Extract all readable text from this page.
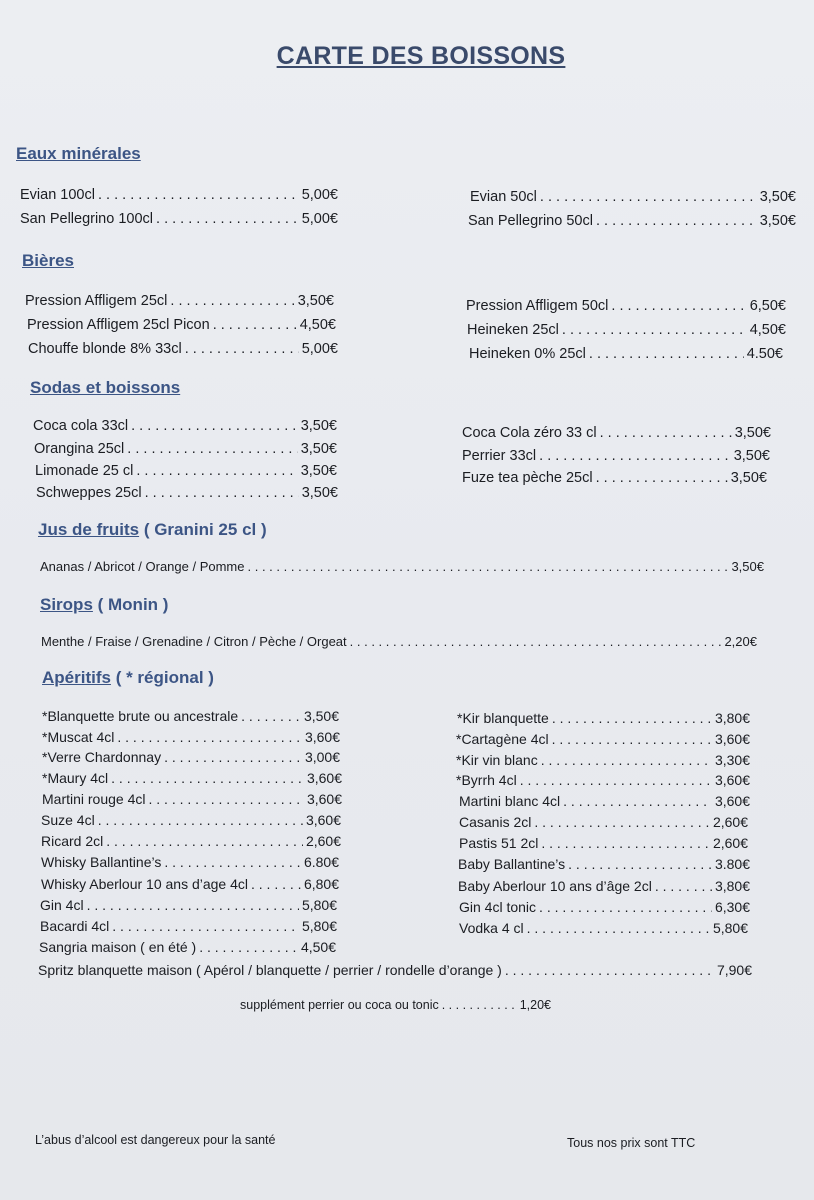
CARTE DES BOISSONS
Eaux minérales
Evian 100cl . . .	5,00€
San Pellegrino 100cl . . .	5,00€
Evian 50cl . . .	3,50€
San Pellegrino 50cl . . .	3,50€
Bières
Pression Affligem 25cl . . .	3,50€
Pression Affligem 25cl Picon . . .	4,50€
Chouffe blonde 8% 33cl . . .	5,00€
Pression Affligem 50cl . . .	6,50€
Heineken 25cl . . .	4,50€
Heineken 0% 25cl . . .	4.50€
Sodas et boissons
Coca cola 33cl . . .	3,50€
Orangina 25cl . . .	3,50€
Limonade 25 cl . . .	3,50€
Schweppes 25cl . . .	3,50€
Coca Cola zéro 33 cl . . .	3,50€
Perrier 33cl . . .	3,50€
Fuze tea pèche 25cl . . .	3,50€
Jus de fruits ( Granini 25 cl )
Ananas / Abricot / Orange / Pomme . . .	3,50€
Sirops ( Monin )
Menthe / Fraise / Grenadine / Citron / Pèche / Orgeat . . .	2,20€
Apéritifs ( * régional )
*Blanquette brute ou ancestrale . . .	3,50€
*Muscat 4cl . . .	3,60€
*Verre Chardonnay . . .	3,00€
*Maury 4cl . . .	3,60€
Martini rouge 4cl . . .	3,60€
Suze 4cl . . .	3,60€
Ricard 2cl . . .	2,60€
Whisky Ballantine’s . . .	6.80€
Whisky Aberlour 10 ans d’age 4cl . . .	6,80€
Gin 4cl . . .	5,80€
Bacardi 4cl . . .	5,80€
Sangria maison ( en été ) . . .	4,50€
*Kir blanquette . . .	3,80€
*Cartagène 4cl . . .	3,60€
*Kir vin blanc . . .	3,30€
*Byrrh 4cl . . .	3,60€
Martini blanc 4cl . . .	3,60€
Casanis 2cl . . .	2,60€
Pastis 51 2cl . . .	2,60€
Baby Ballantine’s . . .	3.80€
Baby Aberlour 10 ans d’âge 2cl . . .	3,80€
Gin 4cl tonic . . .	6,30€
Vodka 4 cl . . .	5,80€
Spritz blanquette maison ( Apérol / blanquette / perrier / rondelle d’orange ) . . .	7,90€
supplément perrier ou coca ou tonic . . .	1,20€
L’abus d’alcool est dangereux pour la santé	Tous nos prix sont TTC
